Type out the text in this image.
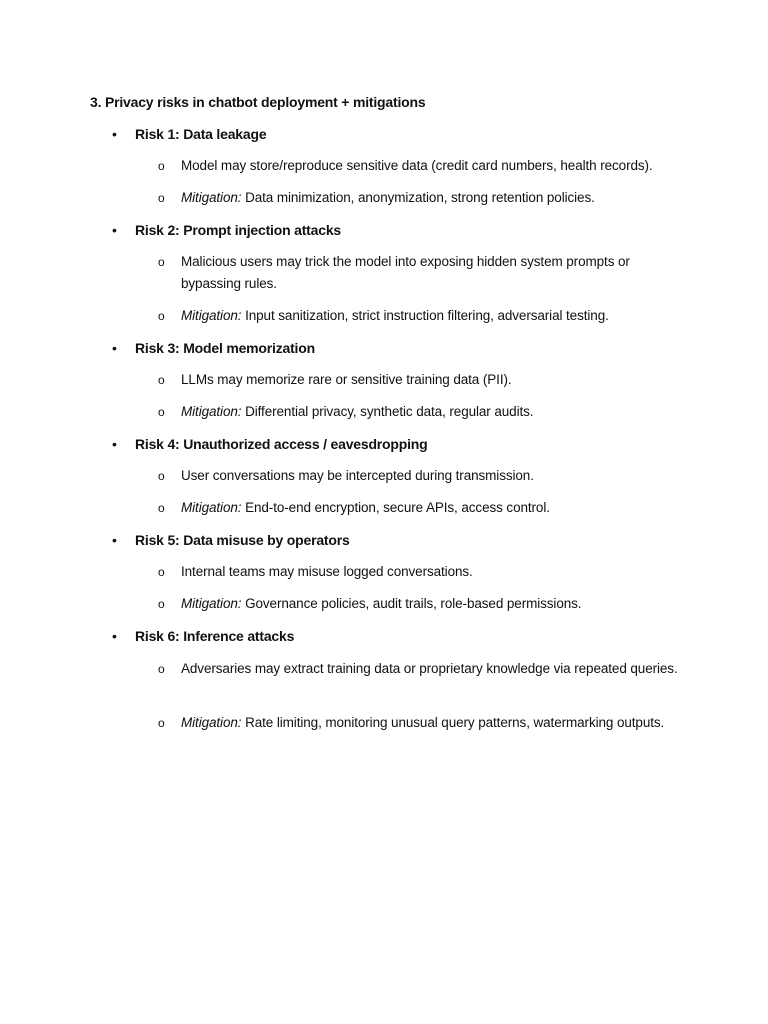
3. Privacy risks in chatbot deployment + mitigations
• Risk 1: Data leakage
o Model may store/reproduce sensitive data (credit card numbers, health records).
o Mitigation: Data minimization, anonymization, strong retention policies.
• Risk 2: Prompt injection attacks
o Malicious users may trick the model into exposing hidden system prompts or bypassing rules.
o Mitigation: Input sanitization, strict instruction filtering, adversarial testing.
• Risk 3: Model memorization
o LLMs may memorize rare or sensitive training data (PII).
o Mitigation: Differential privacy, synthetic data, regular audits.
• Risk 4: Unauthorized access / eavesdropping
o User conversations may be intercepted during transmission.
o Mitigation: End-to-end encryption, secure APIs, access control.
• Risk 5: Data misuse by operators
o Internal teams may misuse logged conversations.
o Mitigation: Governance policies, audit trails, role-based permissions.
• Risk 6: Inference attacks
o Adversaries may extract training data or proprietary knowledge via repeated queries.
o Mitigation: Rate limiting, monitoring unusual query patterns, watermarking outputs.
